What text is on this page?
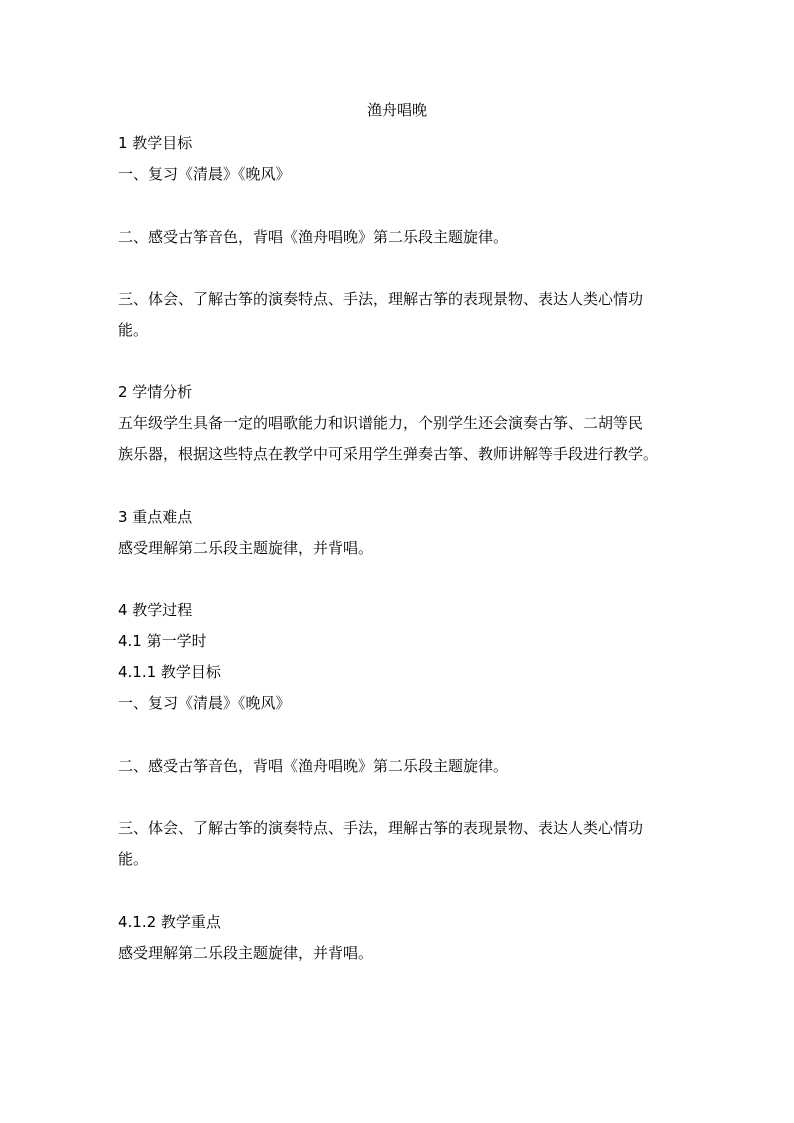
渔舟唱晚
1 教学目标
一、复习《清晨》《晚风》
二、感受古筝音色，背唱《渔舟唱晚》第二乐段主题旋律。
三、体会、了解古筝的演奏特点、手法，理解古筝的表现景物、表达人类心情功
能。
2 学情分析
五年级学生具备一定的唱歌能力和识谱能力，个别学生还会演奏古筝、二胡等民
族乐器，根据这些特点在教学中可采用学生弹奏古筝、教师讲解等手段进行教学。
3 重点难点
感受理解第二乐段主题旋律，并背唱。
4 教学过程
4.1 第一学时
4.1.1 教学目标
一、复习《清晨》《晚风》
二、感受古筝音色，背唱《渔舟唱晚》第二乐段主题旋律。
三、体会、了解古筝的演奏特点、手法，理解古筝的表现景物、表达人类心情功
能。
4.1.2 教学重点
感受理解第二乐段主题旋律，并背唱。
